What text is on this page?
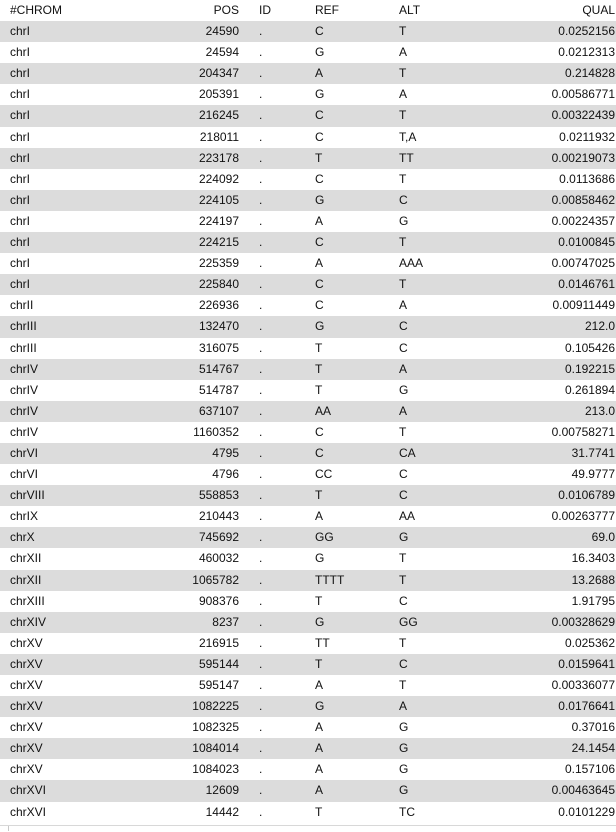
#CHROM	POS ID	REF	ALT	QUAL
chrI	24590 .	C	T	0.0252156
chrI	24594 .	G	A	0.0212313
chrI	204347 .	A	T	0.214828
chrI	205391 .	G	A	0.00586771
chrI	216245 .	C	T	0.00322439
chrI	218011 .	C	T,A	0.0211932
chrI	223178 .	T	TT	0.00219073
chrI	224092 .	C	T	0.0113686
chrI	224105 .	G	C	0.00858462
chrI	224197 .	A	G	0.00224357
chrI	224215 .	C	T	0.0100845
chrI	225359 .	A	AAA	0.00747025
chrI	225840 .	C	T	0.0146761
chrII	226936 .	C	A	0.00911449
chrIII	132470 .	G	C	212.0
chrIII	316075 .	T	C	0.105426
chrIV	514767 .	T	A	0.192215
chrIV	514787 .	T	G	0.261894
chrIV	637107 .	AA	A	213.0
chrIV	1160352 .	C	T	0.00758271
chrVI	4795 .	C	CA	31.7741
chrVI	4796 .	CC	C	49.9777
chrVIII	558853 .	T	C	0.0106789
chrIX	210443 .	A	AA	0.00263777
chrX	745692 .	GG	G	69.0
chrXII	460032 .	G	T	16.3403
chrXII	1065782 .	TTTT	T	13.2688
chrXIII	908376 .	T	C	1.91795
chrXIV	8237 .	G	GG	0.00328629
chrXV	216915 .	TT	T	0.025362
chrXV	595144 .	T	C	0.0159641
chrXV	595147 .	A	T	0.00336077
chrXV	1082225 .	G	A	0.0176641
chrXV	1082325 .	A	G	0.37016
chrXV	1084014 .	A	G	24.1454
chrXV	1084023 .	A	G	0.157106
chrXVI	12609 .	A	G	0.00463645
chrXVI	14442 .	T	TC	0.0101229
